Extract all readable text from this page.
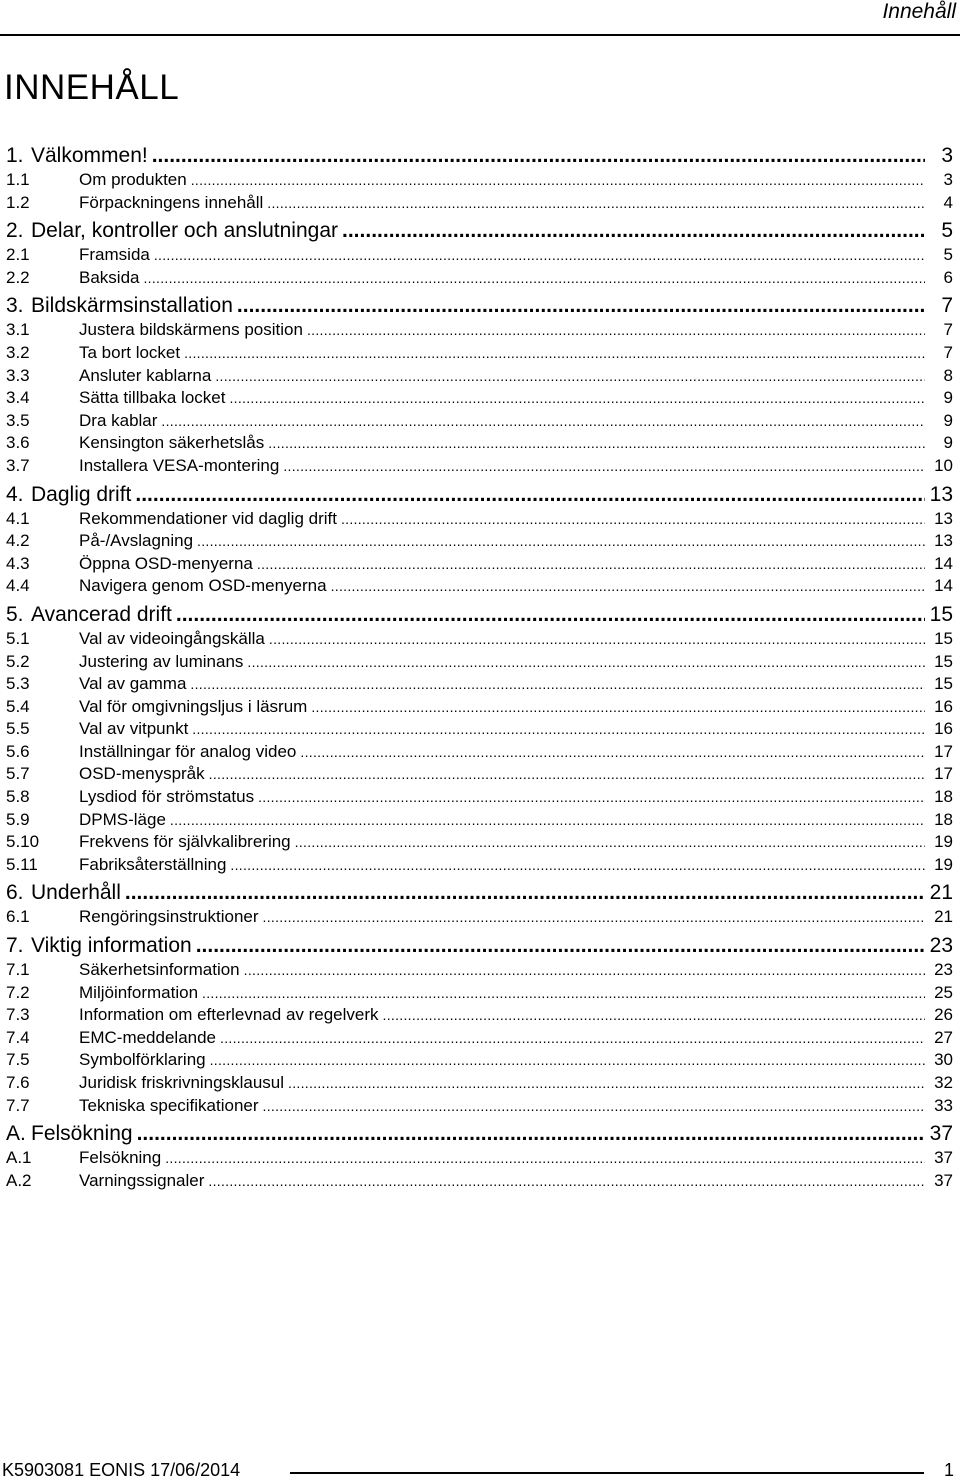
Innehåll
INNEHÅLL
1. Välkommen! .....	3
1.1	Om produkten .....	3
1.2	Förpackningens innehåll .....	4
2. Delar, kontroller och anslutningar .....	5
2.1	Framsida .....	5
2.2	Baksida .....	6
3. Bildskärmsinstallation .....	7
3.1	Justera bildskärmens position .....	7
3.2	Ta bort locket .....	7
3.3	Ansluter kablarna .....	8
3.4	Sätta tillbaka locket .....	9
3.5	Dra kablar .....	9
3.6	Kensington säkerhetslås .....	9
3.7	Installera VESA-montering .....	10
4. Daglig drift .....	13
4.1	Rekommendationer vid daglig drift .....	13
4.2	På-/Avslagning .....	13
4.3	Öppna OSD-menyerna .....	14
4.4	Navigera genom OSD-menyerna .....	14
5. Avancerad drift .....	15
5.1	Val av videoingångskälla .....	15
5.2	Justering av luminans .....	15
5.3	Val av gamma .....	15
5.4	Val för omgivningsljus i läsrum .....	16
5.5	Val av vitpunkt .....	16
5.6	Inställningar för analog video .....	17
5.7	OSD-menyspråk .....	17
5.8	Lysdiod för strömstatus .....	18
5.9	DPMS-läge .....	18
5.10	Frekvens för självkalibrering .....	19
5.11	Fabriksåterställning .....	19
6. Underhåll .....	21
6.1	Rengöringsinstruktioner .....	21
7. Viktig information .....	23
7.1	Säkerhetsinformation .....	23
7.2	Miljöinformation .....	25
7.3	Information om efterlevnad av regelverk .....	26
7.4	EMC-meddelande .....	27
7.5	Symbolförklaring .....	30
7.6	Juridisk friskrivningsklausul .....	32
7.7	Tekniska specifikationer .....	33
A. Felsökning .....	37
A.1	Felsökning .....	37
A.2	Varningssignaler .....	37
K5903081 EONIS 17/06/2014	1
